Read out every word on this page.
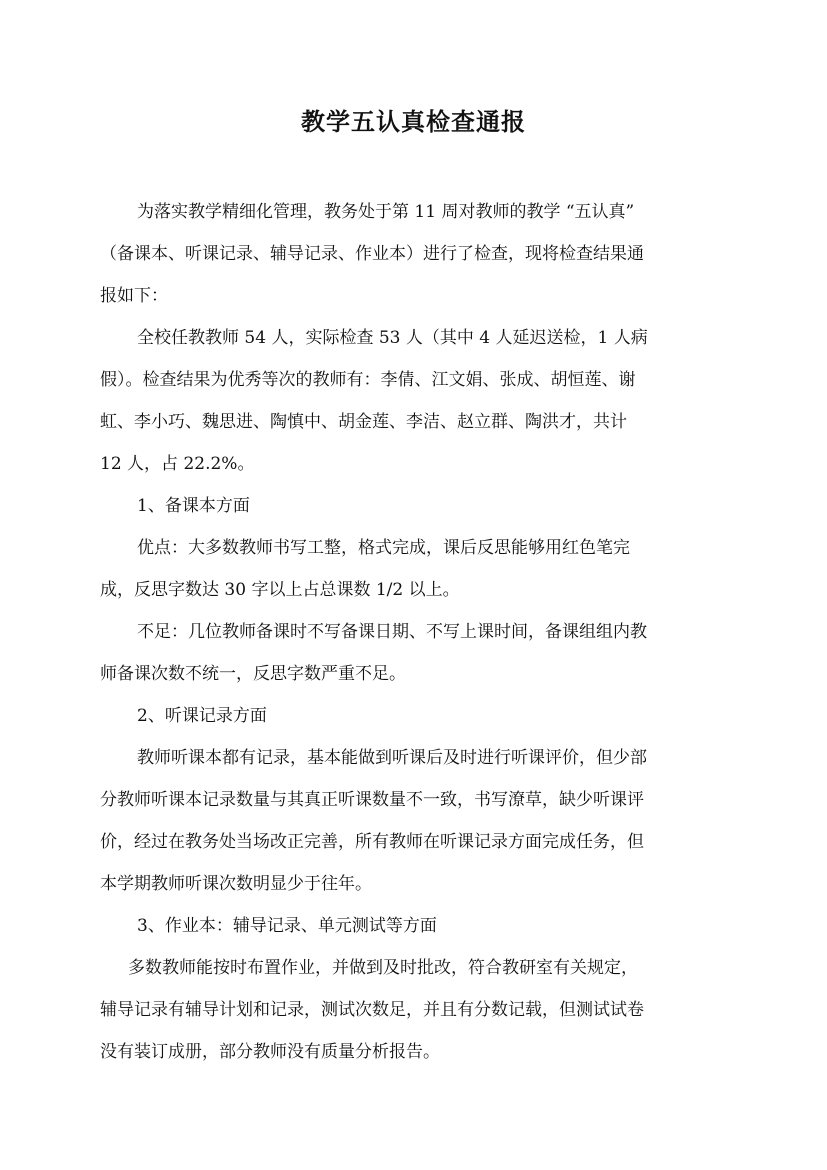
教学五认真检查通报
为落实教学精细化管理，教务处于第 11 周对教师的教学 “五认真”
（备课本、听课记录、辅导记录、作业本）进行了检查，现将检查结果通
报如下：
全校任教教师 54 人，实际检查 53 人（其中 4 人延迟送检，1 人病
假）。检查结果为优秀等次的教师有：李倩、江文娟、张成、胡恒莲、谢
虹、李小巧、魏思进、陶慎中、胡金莲、李洁、赵立群、陶洪才，共计
12 人，占 22.2%。
1、备课本方面
优点：大多数教师书写工整，格式完成，课后反思能够用红色笔完
成，反思字数达 30 字以上占总课数 1/2 以上。
不足：几位教师备课时不写备课日期、不写上课时间，备课组组内教
师备课次数不统一，反思字数严重不足。
2、听课记录方面
教师听课本都有记录，基本能做到听课后及时进行听课评价，但少部
分教师听课本记录数量与其真正听课数量不一致，书写潦草，缺少听课评
价，经过在教务处当场改正完善，所有教师在听课记录方面完成任务，但
本学期教师听课次数明显少于往年。
3、作业本：辅导记录、单元测试等方面
多数教师能按时布置作业，并做到及时批改，符合教研室有关规定，
辅导记录有辅导计划和记录，测试次数足，并且有分数记载，但测试试卷
没有装订成册，部分教师没有质量分析报告。
